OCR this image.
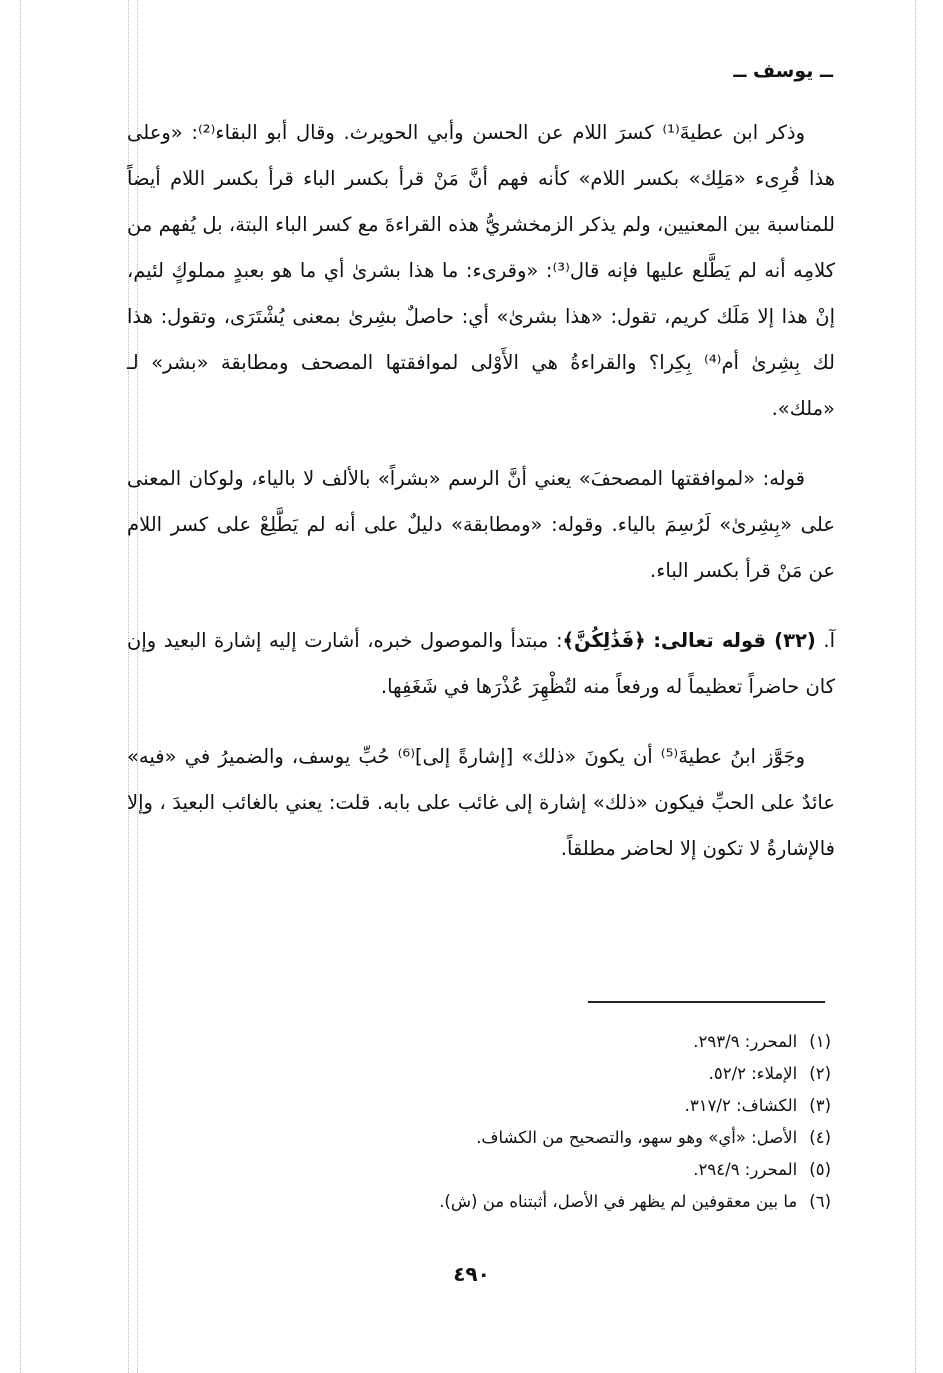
ــ يوسف ــ

وذكر ابن عطيةَ⁽¹⁾ كسرَ اللام عن الحسن وأبي الحويرث. وقال أبو البقاء⁽²⁾: «وعلى هذا قُرِىء «مَلِك» بكسر اللام» كأنه فهم أنَّ مَنْ قرأ بكسر الباء قرأ بكسر اللام أيضاً للمناسبة بين المعنيين، ولم يذكر الزمخشريُّ هذه القراءةَ مع كسر الباء البتة، بل يُفهم من كلامِه أنه لم يَطَّلع عليها فإنه قال⁽³⁾: «وقرىء: ما هذا بشرىٰ أي ما هو بعبدٍ مملوكٍ لئيم، إنْ هذا إلا مَلَك كريم، تقول: «هذا بشرىٰ» أي: حاصلٌ بشِرىٰ بمعنى يُشْتَرَى، وتقول: هذا لك بِشِرىٰ أم⁽⁴⁾ بِكِرا؟ والقراءةُ هي الأَوْلى لموافقتها المصحف ومطابقة «بشر» لـ «ملك».

قوله: «لموافقتها المصحفَ» يعني أنَّ الرسم «بشراً» بالألف لا بالياء، ولوكان المعنى على «بِشِرىٰ» لَرُسِمَ بالياء. وقوله: «ومطابقة» دليلٌ على أنه لم يَطَّلِعْ على كسر اللام عن مَنْ قرأ بكسر الباء.

آ. (٣٢) قوله تعالى: ﴿فَذَٰلِكُنَّ﴾: مبتدأ والموصول خبره، أشارت إليه إشارة البعيد وإن كان حاضراً تعظيماً له ورفعاً منه لتُظْهِرَ عُذْرَها في شَغَفِها.

وجَوَّز ابنُ عطيةَ⁽⁵⁾ أن يكونَ «ذلك» [إشارةً إلى]⁽⁶⁾ حُبِّ يوسف، والضميرُ في «فيه» عائدٌ على الحبِّ فيكون «ذلك» إشارة إلى غائب على بابه. قلت: يعني بالغائب البعيدَ ، وإلا فالإشارةُ لا تكون إلا لحاضر مطلقاً.

(١)المحرر: ٢٩٣/٩.
(٢)الإملاء: ٥٢/٢.
(٣)الكشاف: ٣١٧/٢.
(٤)الأصل: «أي» وهو سهو، والتصحيح من الكشاف.
(٥)المحرر: ٢٩٤/٩.
(٦)ما بين معقوفين لم يظهر في الأصل، أثبتناه من (ش).
٤٩٠
